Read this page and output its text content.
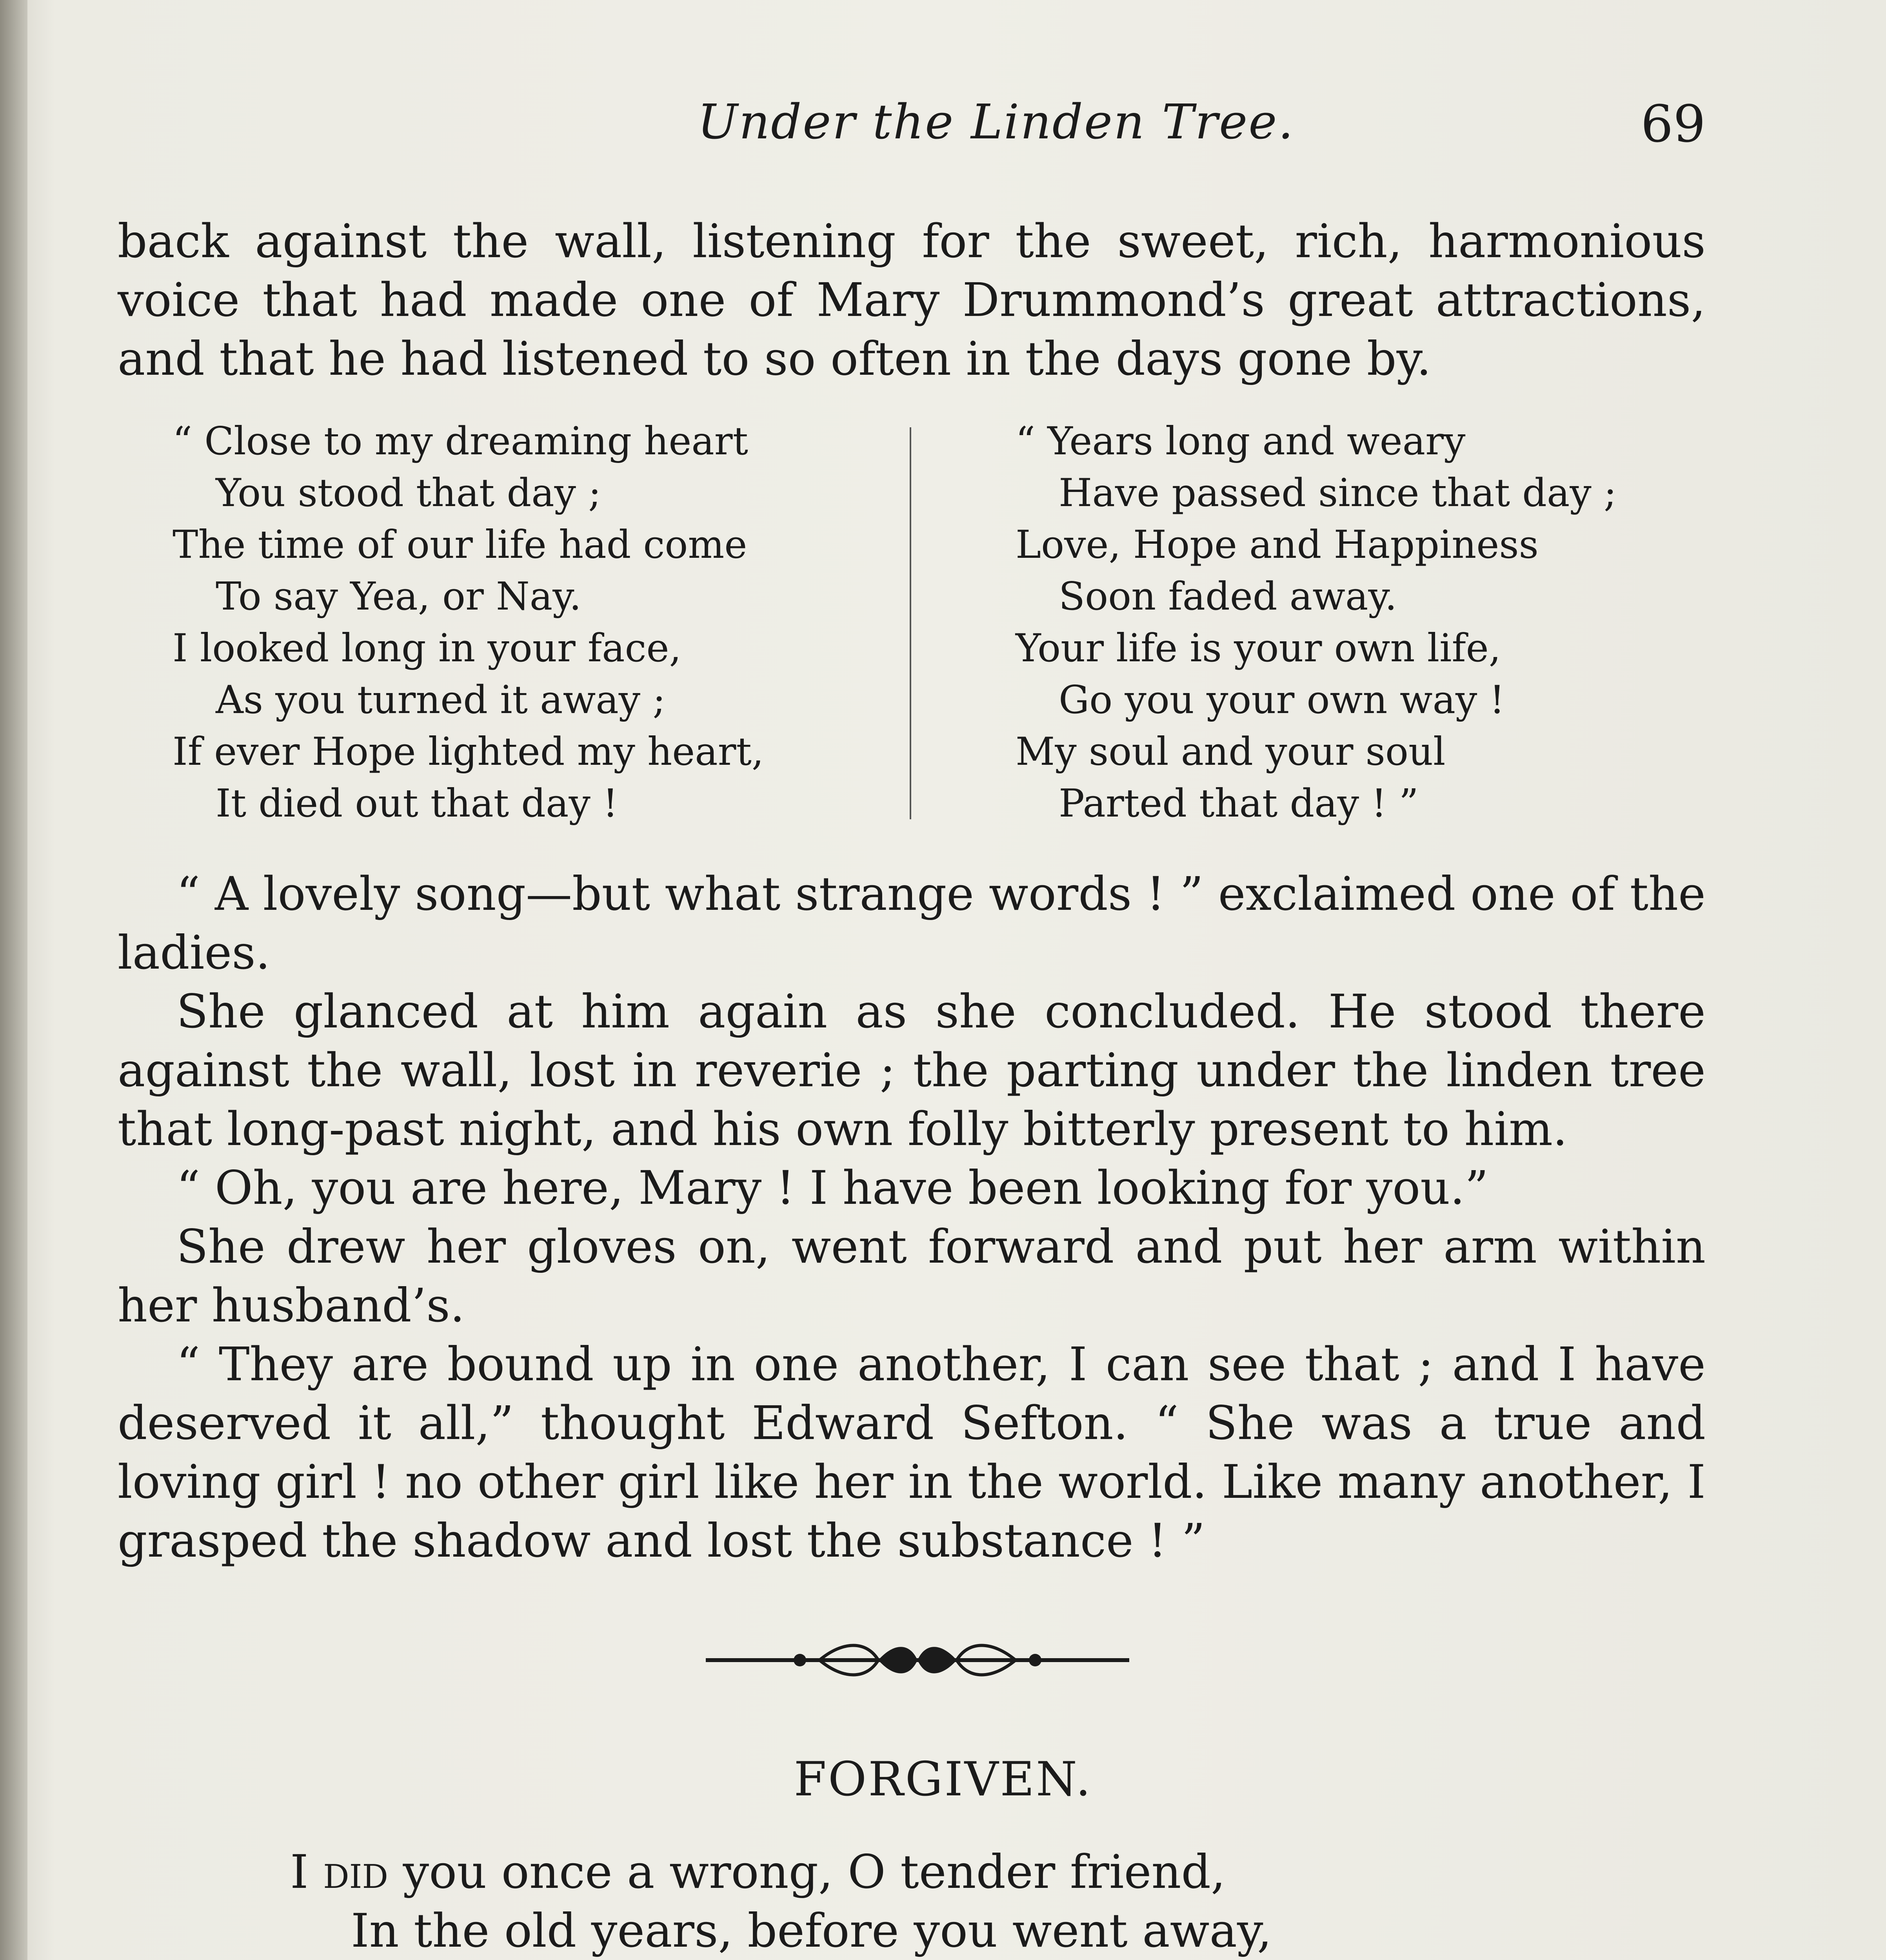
Under the Linden Tree.	69

back against the wall, listening for the sweet, rich, harmonious voice that had made one of Mary Drummond’s great attractions, and that he had listened to so often in the days gone by.

“ Close to my dreaming heart
You stood that day ;
The time of our life had come
To say Yea, or Nay.
I looked long in your face,
As you turned it away ;
If ever Hope lighted my heart,
It died out that day !
“ Years long and weary
Have passed since that day ;
Love, Hope and Happiness
Soon faded away.
Your life is your own life,
Go you your own way !
My soul and your soul
Parted that day ! ”

“ A lovely song—but what strange words ! ” exclaimed one of the ladies.

She glanced at him again as she concluded. He stood there against the wall, lost in reverie ; the parting under the linden tree that long-past night, and his own folly bitterly present to him.

“ Oh, you are here, Mary ! I have been looking for you.”

She drew her gloves on, went forward and put her arm within her husband’s.

“ They are bound up in one another, I can see that ; and I have deserved it all,” thought Edward Sefton. “ She was a true and loving girl ! no other girl like her in the world. Like many another, I grasped the shadow and lost the substance ! ”

FORGIVEN.
I did you once a wrong, O tender friend,
In the old years, before you went away,
